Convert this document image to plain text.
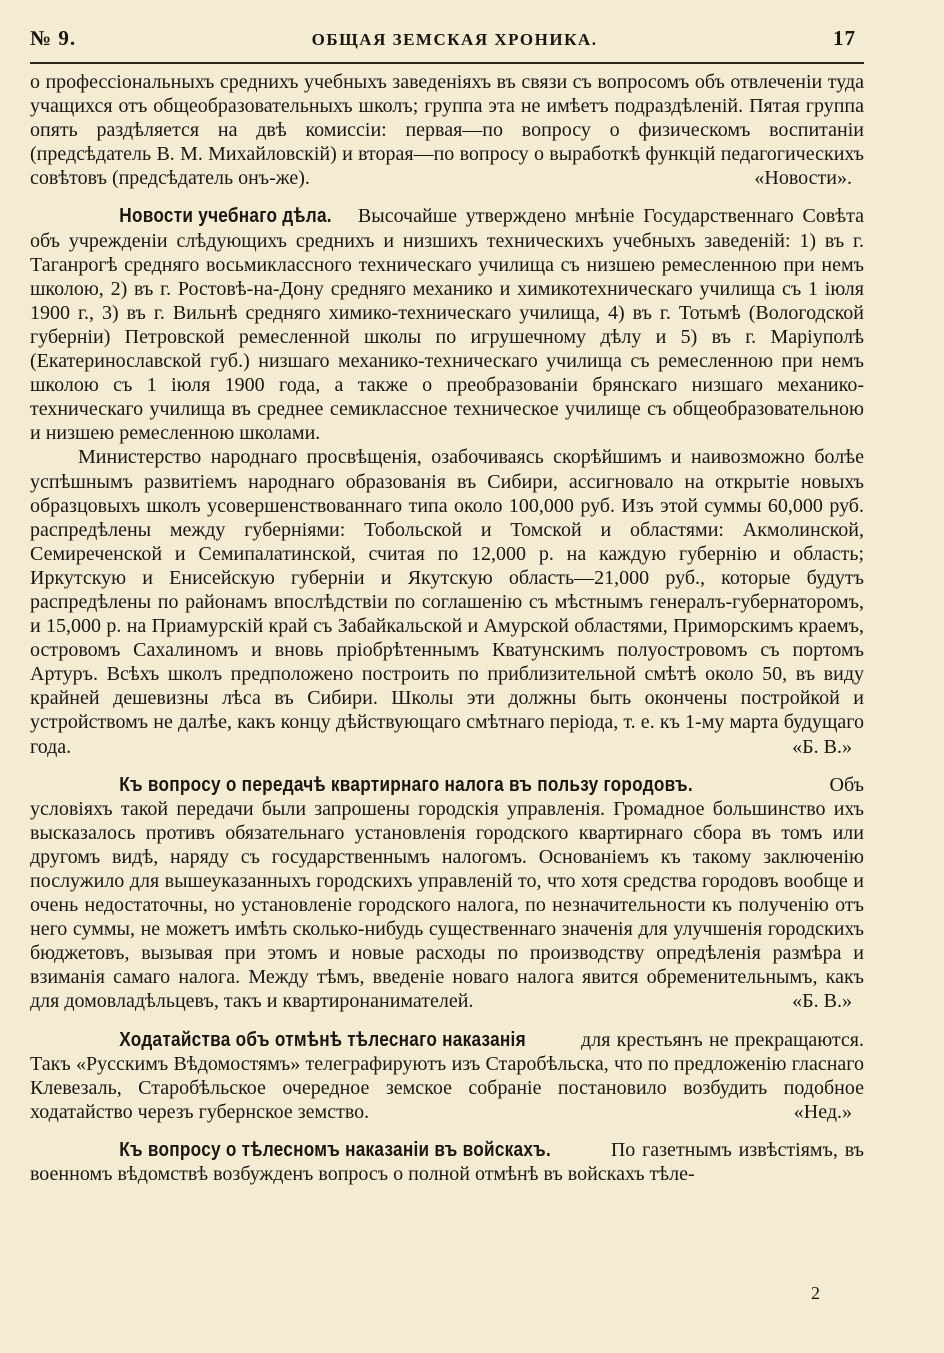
№ 9.	ОБЩАЯ ЗЕМСКАЯ ХРОНИКА.	17

о профессіональныхъ среднихъ учебныхъ заведеніяхъ въ связи съ вопросомъ объ отвлеченіи туда учащихся отъ общеобразовательныхъ школъ; группа эта не имѣетъ подраздѣленій. Пятая группа опять раздѣляется на двѣ комиссіи: первая—по вопросу о физическомъ воспитаніи (предсѣдатель В. М. Михайловскій) и вторая—по вопросу о выработкѣ функцій педагогическихъ совѣтовъ (предсѣдатель онъ-же).	«Новости».

Новости учебнаго дѣла. Высочайше утверждено мнѣніе Государственнаго Совѣта объ учрежденіи слѣдующихъ среднихъ и низшихъ техническихъ учебныхъ заведеній: 1) въ г. Таганрогѣ средняго восьмиклассного техническаго училища съ низшею ремесленною при немъ школою, 2) въ г. Ростовѣ-на-Дону средняго механико и химикотехническаго училища съ 1 іюля 1900 г., 3) въ г. Вильнѣ средняго химико-техническаго училища, 4) въ г. Тотьмѣ (Вологодской губерніи) Петровской ремесленной школы по игрушечному дѣлу и 5) въ г. Маріуполѣ (Екатеринославской губ.) низшаго механико-техническаго училища съ ремесленною при немъ школою съ 1 іюля 1900 года, а также о преобразованіи брянскаго низшаго механико-техническаго училища въ среднее семиклассное техническое училище съ общеобразовательною и низшею ремесленною школами.

Министерство народнаго просвѣщенія, озабочиваясь скорѣйшимъ и наивозможно болѣе успѣшнымъ развитіемъ народнаго образованія въ Сибири, ассигновало на открытіе новыхъ образцовыхъ школъ усовершенствованнаго типа около 100,000 руб. Изъ этой суммы 60,000 руб. распредѣлены между губерніями: Тобольской и Томской и областями: Акмолинской, Семиреченской и Семипалатинской, считая по 12,000 р. на каждую губернію и область; Иркутскую и Енисейскую губерніи и Якутскую область—21,000 руб., которые будутъ распредѣлены по районамъ впослѣдствіи по соглашенію съ мѣстнымъ генералъ-губернаторомъ, и 15,000 р. на Приамурскій край съ Забайкальской и Амурской областями, Приморскимъ краемъ, островомъ Сахалиномъ и вновь пріобрѣтеннымъ Кватунскимъ полуостровомъ съ портомъ Артуръ. Всѣхъ школъ предположено построить по приблизительной смѣтѣ около 50, въ виду крайней дешевизны лѣса въ Сибири. Школы эти должны быть окончены постройкой и устройствомъ не далѣе, какъ концу дѣйствующаго смѣтнаго періода, т. е. къ 1-му марта будущаго года.	«Б. В.»

Къ вопросу о передачѣ квартирнаго налога въ пользу городовъ.	Объ условіяхъ такой передачи были запрошены городскія управленія. Громадное большинство ихъ высказалось противъ обязательнаго установленія городского квартирнаго сбора въ томъ или другомъ видѣ, наряду съ государственнымъ налогомъ. Основаніемъ къ такому заключенію послужило для вышеуказанныхъ городскихъ управленій то, что хотя средства городовъ вообще и очень недостаточны, но установленіе городского налога, по незначительности къ полученію отъ него суммы, не можетъ имѣть сколько-нибудь существеннаго значенія для улучшенія городскихъ бюджетовъ, вызывая при этомъ и новые расходы по производству опредѣленія размѣра и взиманія самаго налога. Между тѣмъ, введеніе новаго налога явится обременительнымъ, какъ для домовладѣльцевъ, такъ и квартиронанимателей.	«Б. В.»

Ходатайства объ отмѣнѣ тѣлеснаго наказанія	для крестьянъ не прекращаются. Такъ «Русскимъ Вѣдомостямъ» телеграфируютъ изъ Старобѣльска, что по предложенію гласнаго Клевезаль, Старобѣльское очередное земское собраніе постановило возбудить подобное ходатайство черезъ губернское земство.	«Нед.»

Къ вопросу о тѣлесномъ наказаніи въ войскахъ.	По газетнымъ извѣстіямъ, въ военномъ вѣдомствѣ возбужденъ вопросъ о полной отмѣнѣ въ войскахъ тѣле-

2
